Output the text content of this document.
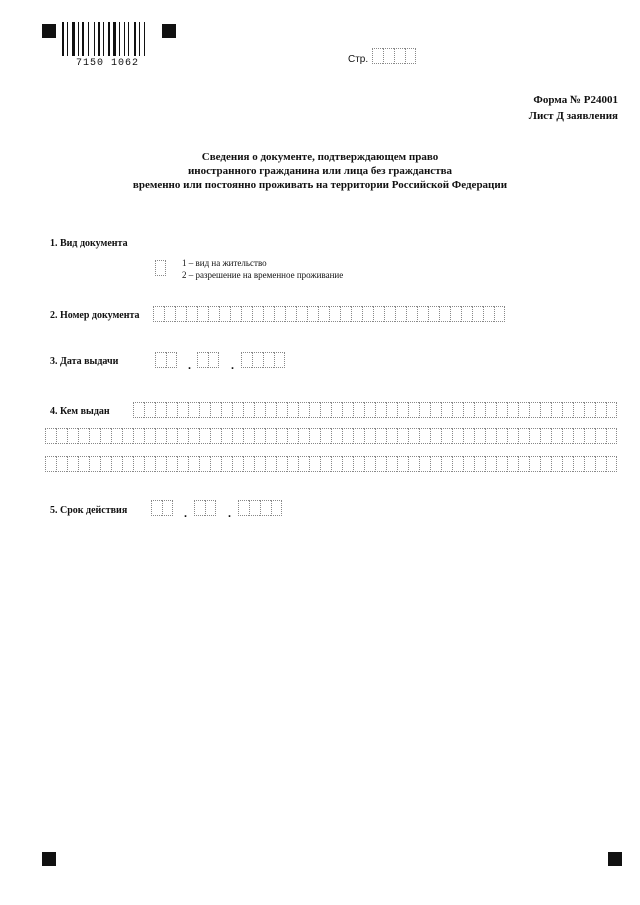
7150 1062	Стр.
Форма № Р24001
Лист Д заявления
Сведения о документе, подтверждающем право
иностранного гражданина или лица без гражданства
временно или постоянно проживать на территории Российской Федерации
1. Вид документа
1 – вид на жительство
2 – разрешение на временное проживание
2. Номер документа
3. Дата выдачи	.	.
4. Кем выдан
5. Срок действия	.	.
